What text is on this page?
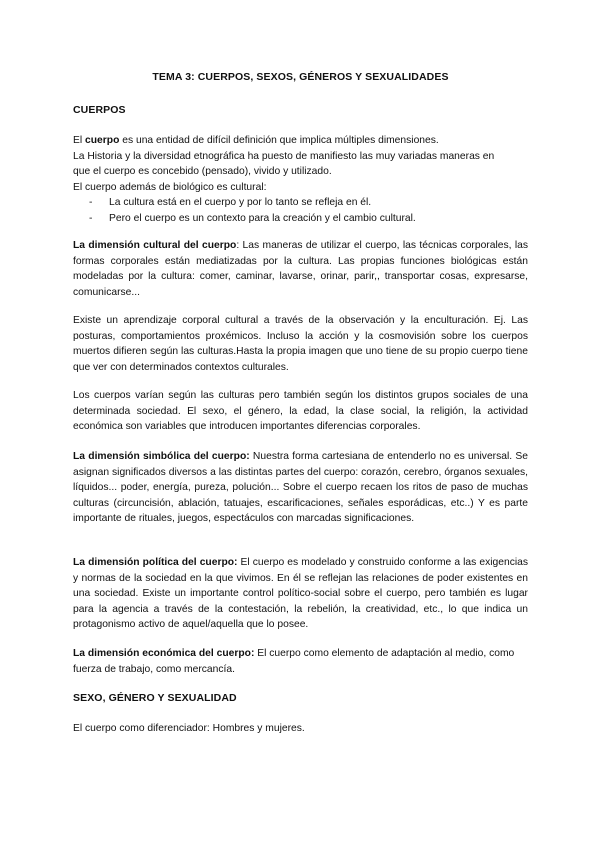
TEMA 3: CUERPOS, SEXOS, GÉNEROS Y SEXUALIDADES
CUERPOS
El cuerpo es una entidad de difícil definición que implica múltiples dimensiones.
La Historia y la diversidad etnográfica ha puesto de manifiesto las muy variadas maneras en
que el cuerpo es concebido (pensado), vivido y utilizado.
El cuerpo además de biológico es cultural:
- La cultura está en el cuerpo y por lo tanto se refleja en él.
- Pero el cuerpo es un contexto para la creación y el cambio cultural.
La dimensión cultural del cuerpo: Las maneras de utilizar el cuerpo, las técnicas corporales, las formas corporales están mediatizadas por la cultura. Las propias funciones biológicas están modeladas por la cultura: comer, caminar, lavarse, orinar, parir,, transportar cosas, expresarse, comunicarse...
Existe un aprendizaje corporal cultural a través de la observación y la enculturación. Ej. Las posturas, comportamientos proxémicos. Incluso la acción y la cosmovisión sobre los cuerpos muertos difieren según las culturas.Hasta la propia imagen que uno tiene de su propio cuerpo tiene que ver con determinados contextos culturales.
Los cuerpos varían según las culturas pero también según los distintos grupos sociales de una determinada sociedad. El sexo, el género, la edad, la clase social, la religión, la actividad económica son variables que introducen importantes diferencias corporales.
La dimensión simbólica del cuerpo: Nuestra forma cartesiana de entenderlo no es universal. Se asignan significados diversos a las distintas partes del cuerpo: corazón, cerebro, órganos sexuales, líquidos... poder, energía, pureza, polución... Sobre el cuerpo recaen los ritos de paso de muchas culturas (circuncisión, ablación, tatuajes, escarificaciones, señales esporádicas, etc..) Y es parte importante de rituales, juegos, espectáculos con marcadas significaciones.
La dimensión política del cuerpo: El cuerpo es modelado y construido conforme a las exigencias y normas de la sociedad en la que vivimos. En él se reflejan las relaciones de poder existentes en una sociedad. Existe un importante control político-social sobre el cuerpo, pero también es lugar para la agencia a través de la contestación, la rebelión, la creatividad, etc., lo que indica un protagonismo activo de aquel/aquella que lo posee.
La dimensión económica del cuerpo: El cuerpo como elemento de adaptación al medio, como fuerza de trabajo, como mercancía.
SEXO, GÉNERO Y SEXUALIDAD
El cuerpo como diferenciador: Hombres y mujeres.
